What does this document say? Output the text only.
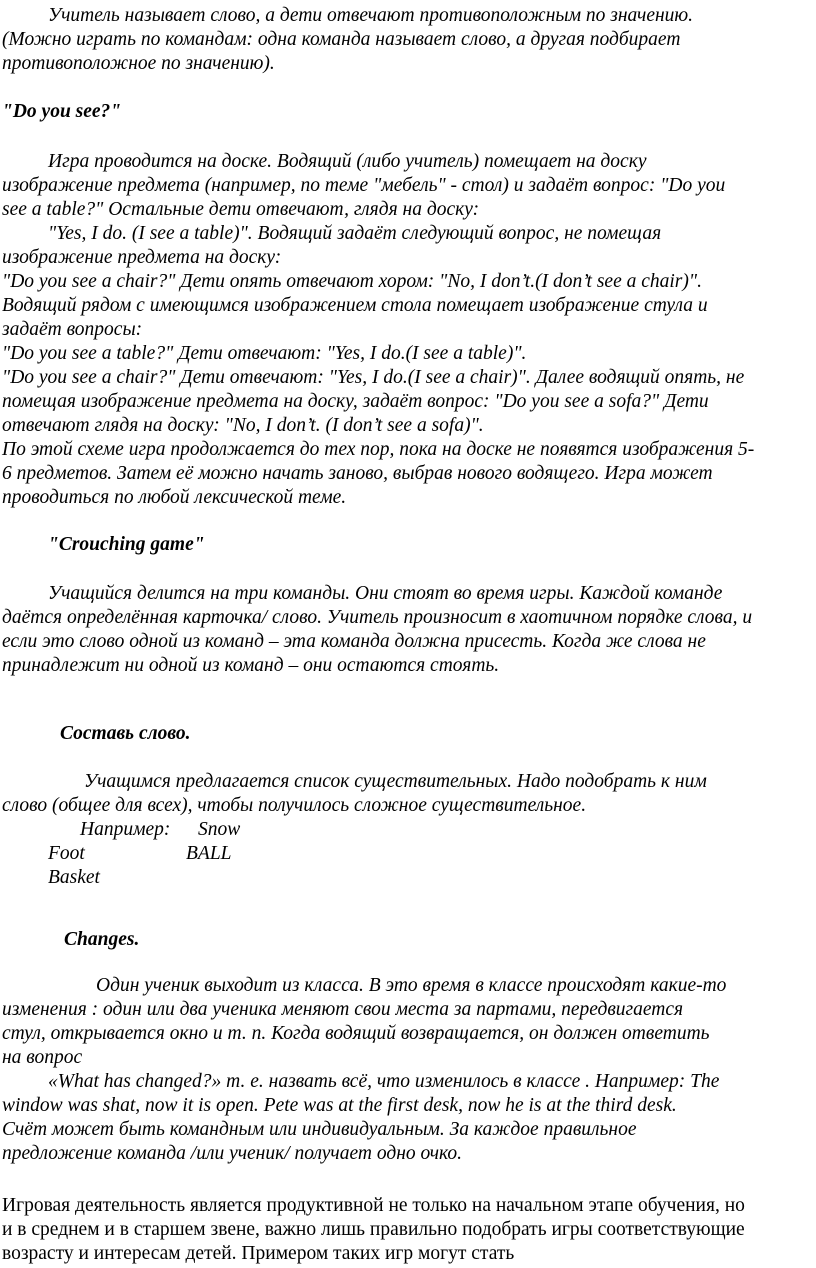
Учитель называет слово, а дети отвечают противоположным по значению.
(Можно играть по командам: одна команда называет слово, а другая подбирает
противоположное по значению).
"Do you see?"
Игра проводится на доске. Водящий (либо учитель) помещает на доску
изображение предмета (например, по теме "мебель" - стол) и задаёт вопрос: "Do you
see a table?" Остальные дети отвечают, глядя на доску:
"Yes, I do. (I see a table)". Водящий задаёт следующий вопрос, не помещая
изображение предмета на доску:
"Do you see a chair?" Дети опять отвечают хором: "No, I don’t.(I don’t see a chair)".
Водящий рядом с имеющимся изображением стола помещает изображение стула и
задаёт вопросы:
"Do you see a table?" Дети отвечают: "Yes, I do.(I see a table)".
"Do you see a chair?" Дети отвечают: "Yes, I do.(I see a chair)". Далее водящий опять, не
помещая изображение предмета на доску, задаёт вопрос: "Do you see a sofa?" Дети
отвечают глядя на доску: "No, I don’t. (I don’t see a sofa)".
По этой схеме игра продолжается до тех пор, пока на доске не появятся изображения 5-
6 предметов. Затем её можно начать заново, выбрав нового водящего. Игра может
проводиться по любой лексической теме.
"Crouching game"
Учащийся делится на три команды. Они стоят во время игры. Каждой команде
даётся определённая карточка/ слово. Учитель произносит в хаотичном порядке слова, и
если это слово одной из команд – эта команда должна присесть. Когда же слова не
принадлежит ни одной из команд – они остаются стоять.
Составь слово.
Учащимся предлагается список существительных. Надо подобрать к ним
слово (общее для всех), чтобы получилось сложное существительное.
Например: Snow
Foot	BALL
Basket
Changes.
Один ученик выходит из класса. В это время в классе происходят какие-то
изменения : один или два ученика меняют свои места за партами, передвигается
стул, открывается окно и т. п. Когда водящий возвращается, он должен ответить
на вопрос
«What has changed?» т. е. назвать всё, что изменилось в классе . Например: The
window was shat, now it is open. Pete was at the first desk, now he is at the third desk.
Счёт может быть командным или индивидуальным. За каждое правильное
предложение команда /или ученик/ получает одно очко.
Игровая деятельность является продуктивной не только на начальном этапе обучения, но
и в среднем и в старшем звене, важно лишь правильно подобрать игры соответствующие
возрасту и интересам детей. Примером таких игр могут стать
